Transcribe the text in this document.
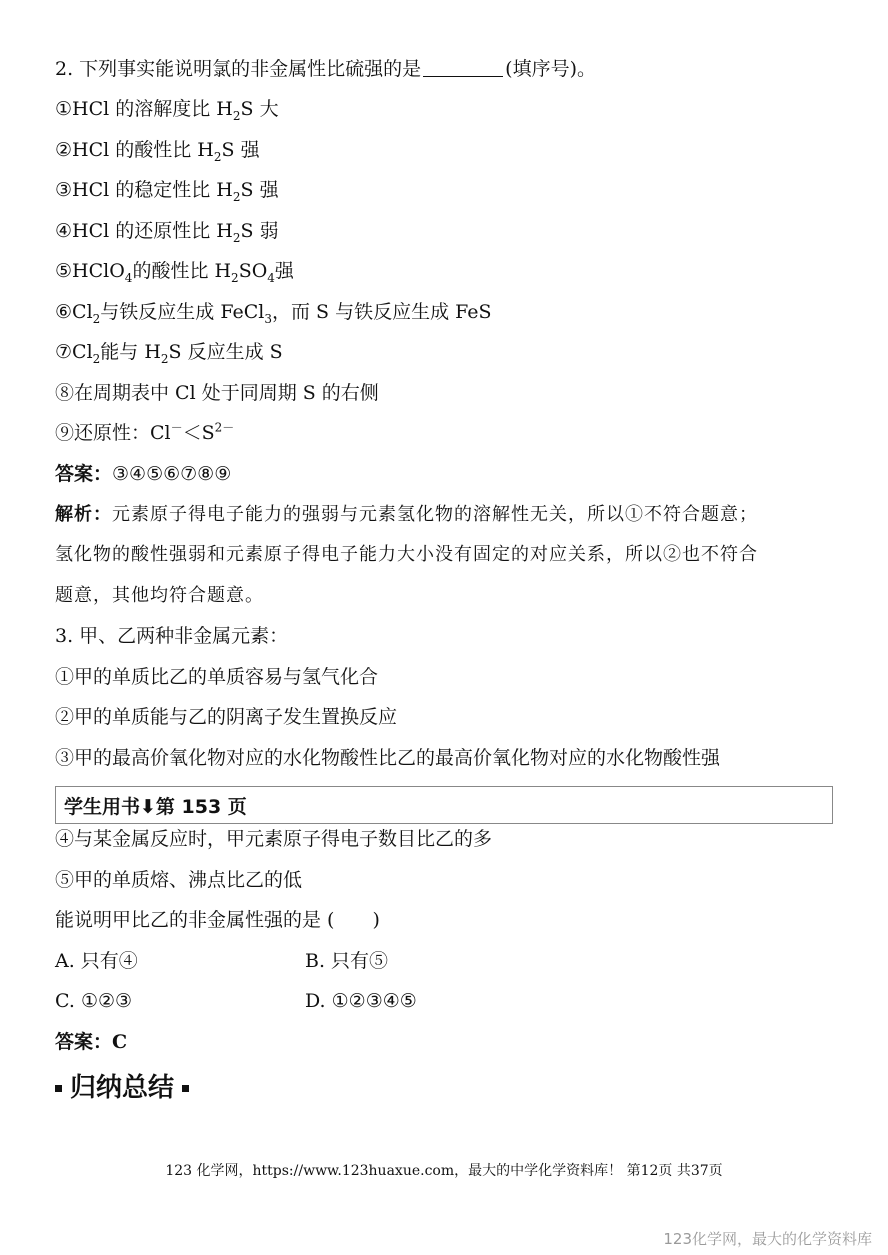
2. 下列事实能说明氯的非金属性比硫强的是	(填序号)。
①HCl 的溶解度比 $H_2S$ 大
②HCl 的酸性比 $H_2S$ 强
③HCl 的稳定性比 $H_2S$ 强
④HCl 的还原性比 $H_2S$ 弱
⑤HClO$_4$的酸性比 $H_2SO_4$强
$⑥Cl_2$与铁反应生成 FeCl$_3$，而 S 与铁反应生成 FeS
$⑦Cl_2$能与 $H_2S$ 反应生成 S
⑧在周期表中 Cl 处于同周期 S 的右侧
⑨还原性：$Cl^-<S^{2-}$
答案：③④⑤⑥⑦⑧⑨
解析：元素原子得电子能力的强弱与元素氢化物的溶解性无关，所以①不符合题意；
氢化物的酸性强弱和元素原子得电子能力大小没有固定的对应关系，所以②也不符合
题意，其他均符合题意。
3. 甲、乙两种非金属元素：
①甲的单质比乙的单质容易与氢气化合
②甲的单质能与乙的阴离子发生置换反应
③甲的最高价氧化物对应的水化物酸性比乙的最高价氧化物对应的水化物酸性强
学生用书⬇第 153 页
④与某金属反应时，甲元素原子得电子数目比乙的多
⑤甲的单质熔、沸点比乙的低
能说明甲比乙的非金属性强的是 (　　)
A. 只有④	B. 只有⑤
C. ①②③	D. ①②③④⑤
答案：C
归纳总结
123 化学网，https://www.123huaxue.com，最大的中学化学资料库！ 第12页 共37页
123化学网，最大的化学资料库
